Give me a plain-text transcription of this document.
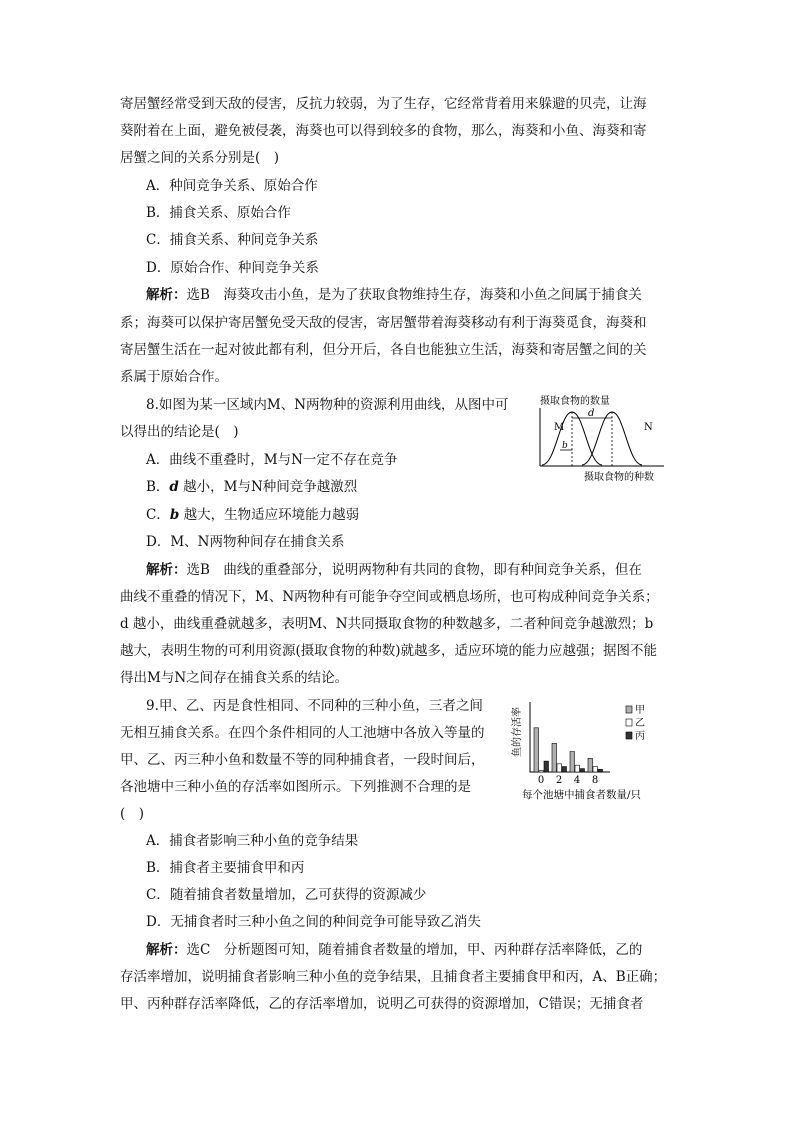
寄居蟹经常受到天敌的侵害，反抗力较弱，为了生存，它经常背着用来躲避的贝壳，让海
葵附着在上面，避免被侵袭，海葵也可以得到较多的食物，那么，海葵和小鱼、海葵和寄
居蟹之间的关系分别是(　)
A．种间竞争关系、原始合作
B．捕食关系、原始合作
C．捕食关系、种间竞争关系
D．原始合作、种间竞争关系
解析：选B　海葵攻击小鱼，是为了获取食物维持生存，海葵和小鱼之间属于捕食关
系；海葵可以保护寄居蟹免受天敌的侵害，寄居蟹带着海葵移动有利于海葵觅食，海葵和
寄居蟹生活在一起对彼此都有利，但分开后，各自也能独立生活，海葵和寄居蟹之间的关
系属于原始合作。
8.如图为某一区域内M、N两物种的资源利用曲线，从图中可
以得出的结论是(　)
A．曲线不重叠时，M与N一定不存在竞争
B．d 越小，M与N种间竞争越激烈
C．b 越大，生物适应环境能力越弱
D．M、N两物种间存在捕食关系
解析：选B　曲线的重叠部分，说明两物种有共同的食物，即有种间竞争关系，但在
曲线不重叠的情况下，M、N两物种有可能争夺空间或栖息场所，也可构成种间竞争关系；
d 越小，曲线重叠就越多，表明M、N共同摄取食物的种数越多，二者种间竞争越激烈；b
越大，表明生物的可利用资源(摄取食物的种数)就越多，适应环境的能力应越强；据图不能
得出M与N之间存在捕食关系的结论。
摄取食物的数量
d
b
M	N
摄取食物的种数
9.甲、乙、丙是食性相同、不同种的三种小鱼，三者之间
无相互捕食关系。在四个条件相同的人工池塘中各放入等量的
甲、乙、丙三种小鱼和数量不等的同种捕食者，一段时间后，
各池塘中三种小鱼的存活率如图所示。下列推测不合理的是
(　)
A．捕食者影响三种小鱼的竞争结果
B．捕食者主要捕食甲和丙
C．随着捕食者数量增加，乙可获得的资源减少
D．无捕食者时三种小鱼之间的种间竞争可能导致乙消失
解析：选C　分析题图可知，随着捕食者数量的增加，甲、丙种群存活率降低，乙的
存活率增加，说明捕食者影响三种小鱼的竞争结果，且捕食者主要捕食甲和丙，A、B正确；
甲、丙种群存活率降低，乙的存活率增加，说明乙可获得的资源增加，C错误；无捕食者
0 2 4 8
甲
乙
丙
鱼的存活率
每个池塘中捕食者数量/只
